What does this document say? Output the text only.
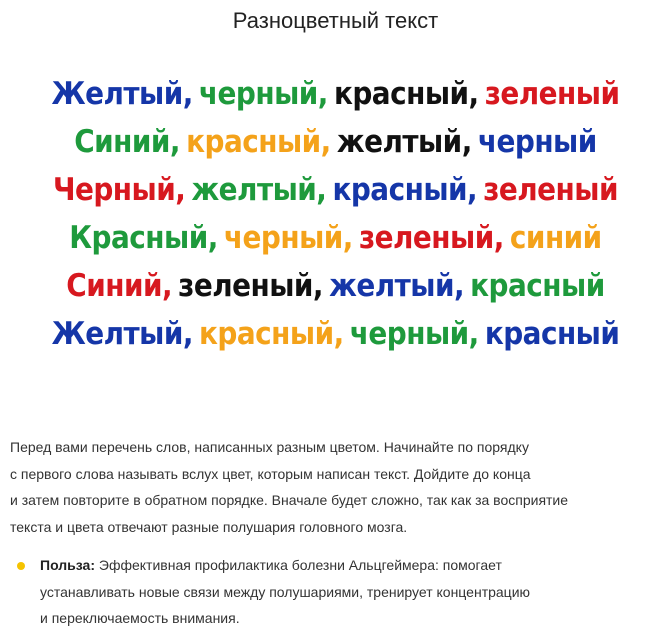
Разноцветный текст
Желтый, черный, красный, зеленый
Синий, красный, желтый, черный
Черный, желтый, красный, зеленый
Красный, черный, зеленый, синий
Синий, зеленый, желтый, красный
Желтый, красный, черный, красный
Перед вами перечень слов, написанных разным цветом. Начинайте по порядку
с первого слова называть вслух цвет, которым написан текст. Дойдите до конца
и затем повторите в обратном порядке. Вначале будет сложно, так как за восприятие
текста и цвета отвечают разные полушария головного мозга.
Польза: Эффективная профилактика болезни Альцгеймера: помогает
устанавливать новые связи между полушариями, тренирует концентрацию
и переключаемость внимания.
